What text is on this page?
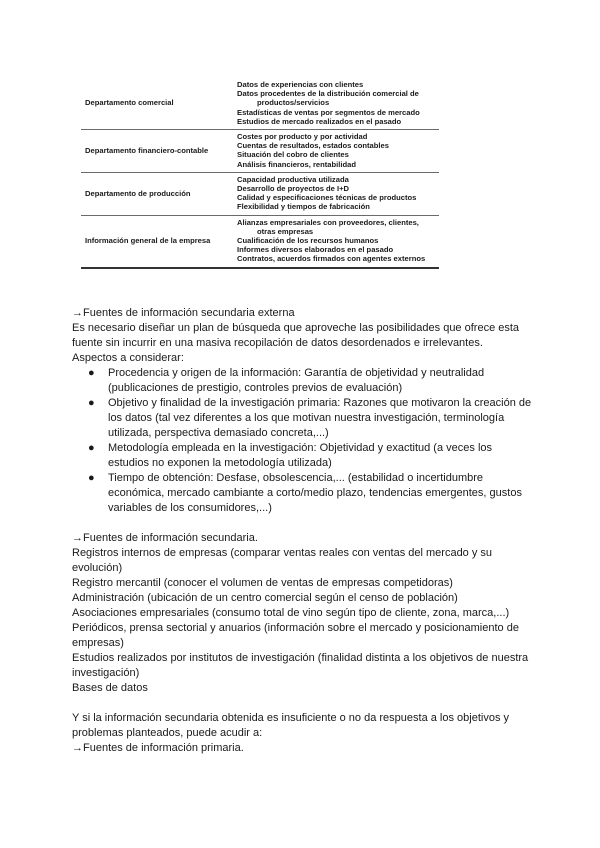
Departamento comercial	Datos de experiencias con clientes
Datos procedentes de la distribución comercial de
productos/servicios
Estadísticas de ventas por segmentos de mercado
Estudios de mercado realizados en el pasado

Departamento financiero-contable	Costes por producto y por actividad
Cuentas de resultados, estados contables
Situación del cobro de clientes
Análisis financieros, rentabilidad

Departamento de producción	Capacidad productiva utilizada
Desarrollo de proyectos de I+D
Calidad y especificaciones técnicas de productos
Flexibilidad y tiempos de fabricación

Información general de la empresa	Alianzas empresariales con proveedores, clientes,
otras empresas
Cualificación de los recursos humanos
Informes diversos elaborados en el pasado
Contratos, acuerdos firmados con agentes externos

→Fuentes de información secundaria externa

Es necesario diseñar un plan de búsqueda que aproveche las posibilidades que ofrece esta fuente sin incurrir en una masiva recopilación de datos desordenados e irrelevantes.

Aspectos a considerar:

● Procedencia y origen de la información: Garantía de objetividad y neutralidad (publicaciones de prestigio, controles previos de evaluación)
● Objetivo y finalidad de la investigación primaria: Razones que motivaron la creación de los datos (tal vez diferentes a los que motivan nuestra investigación, terminología utilizada, perspectiva demasiado concreta,...)
● Metodología empleada en la investigación: Objetividad y exactitud (a veces los estudios no exponen la metodología utilizada)
● Tiempo de obtención: Desfase, obsolescencia,... (estabilidad o incertidumbre económica, mercado cambiante a corto/medio plazo, tendencias emergentes, gustos variables de los consumidores,...)

→Fuentes de información secundaria.

Registros internos de empresas (comparar ventas reales con ventas del mercado y su evolución)

Registro mercantil (conocer el volumen de ventas de empresas competidoras)

Administración (ubicación de un centro comercial según el censo de población)

Asociaciones empresariales (consumo total de vino según tipo de cliente, zona, marca,...)

Periódicos, prensa sectorial y anuarios (información sobre el mercado y posicionamiento de empresas)

Estudios realizados por institutos de investigación (finalidad distinta a los objetivos de nuestra investigación)

Bases de datos

Y si la información secundaria obtenida es insuficiente o no da respuesta a los objetivos y problemas planteados, puede acudir a:

→Fuentes de información primaria.
